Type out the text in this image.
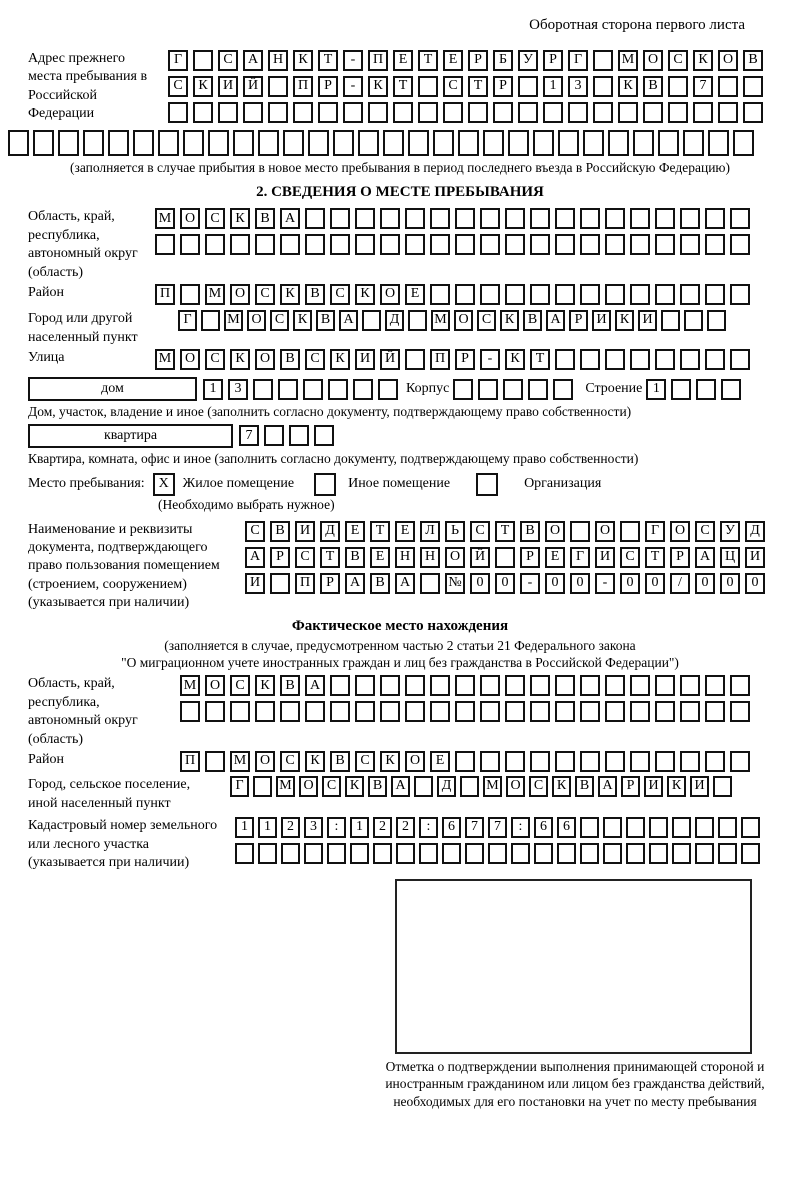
Оборотная сторона первого листа
Адрес прежнего места пребывания в Российской Федерации
Г	С	А	Н	К	Т	-	П	Е	Т	Е	Р	Б	У	Р	Г	М О	С	К	О	В
С	К	И	Й	П	Р	-	К	Т	С	Т	Р	1	3	К	В	7
(заполняется в случае прибытия в новое место пребывания в период последнего въезда в Российскую Федерацию)
2. СВЕДЕНИЯ О МЕСТЕ ПРЕБЫВАНИЯ
Область, край, республика, автономный округ (область)
М О	С	К	В	А
Район	П	М О	С	К	В	С	К	О	Е
Город или другой населенный пункт
Г	М О С К В А	Д	М О С К В А	Р	И К И
Улица	М О	С	К	О	В	С	К	И	Й	П	Р	-	К	Т
дом	1	3	Корпус	Строение 1
Дом, участок, владение и иное (заполнить согласно документу, подтверждающему право собственности)
квартира	7
Квартира, комната, офис и иное (заполнить согласно документу, подтверждающему право собственности)
Место пребывания: X Жилое помещение	Иное помещение	Организация
(Необходимо выбрать нужное)
Наименование и реквизиты документа, подтверждающего право пользования помещением (строением, сооружением) (указывается при наличии)
С	В	И	Д	Е	Т	Е	Л	Ь	С	Т	В	О	О	Г	О	С	У	Д
А	Р	С	Т	В	Е	Н	Н	О	Й	Р	Е	Г	И	С	Т	Р	А	Ц	И
И	П	Р	А	В	А	№	0	0	-	0	0	-	0	0	/	0	0	0
Фактическое место нахождения
(заполняется в случае, предусмотренном частью 2 статьи 21 Федерального закона
"О миграционном учете иностранных граждан и лиц без гражданства в Российской Федерации")
Область, край, республика, автономный округ (область)
М О	С	К	В	А
Район	П	М О	С	К	В	С	К	О	Е
Город, сельское поселение, иной населенный пункт
Г	М О С К В А	Д	М О С К В А	Р	И К И
Кадастровый номер земельного или лесного участка (указывается при наличии)
1	1	2	3	:	1	2	2	:	6	7	7	:	6	6
Отметка о подтверждении выполнения принимающей стороной и иностранным гражданином или лицом без гражданства действий, необходимых для его постановки на учет по месту пребывания
